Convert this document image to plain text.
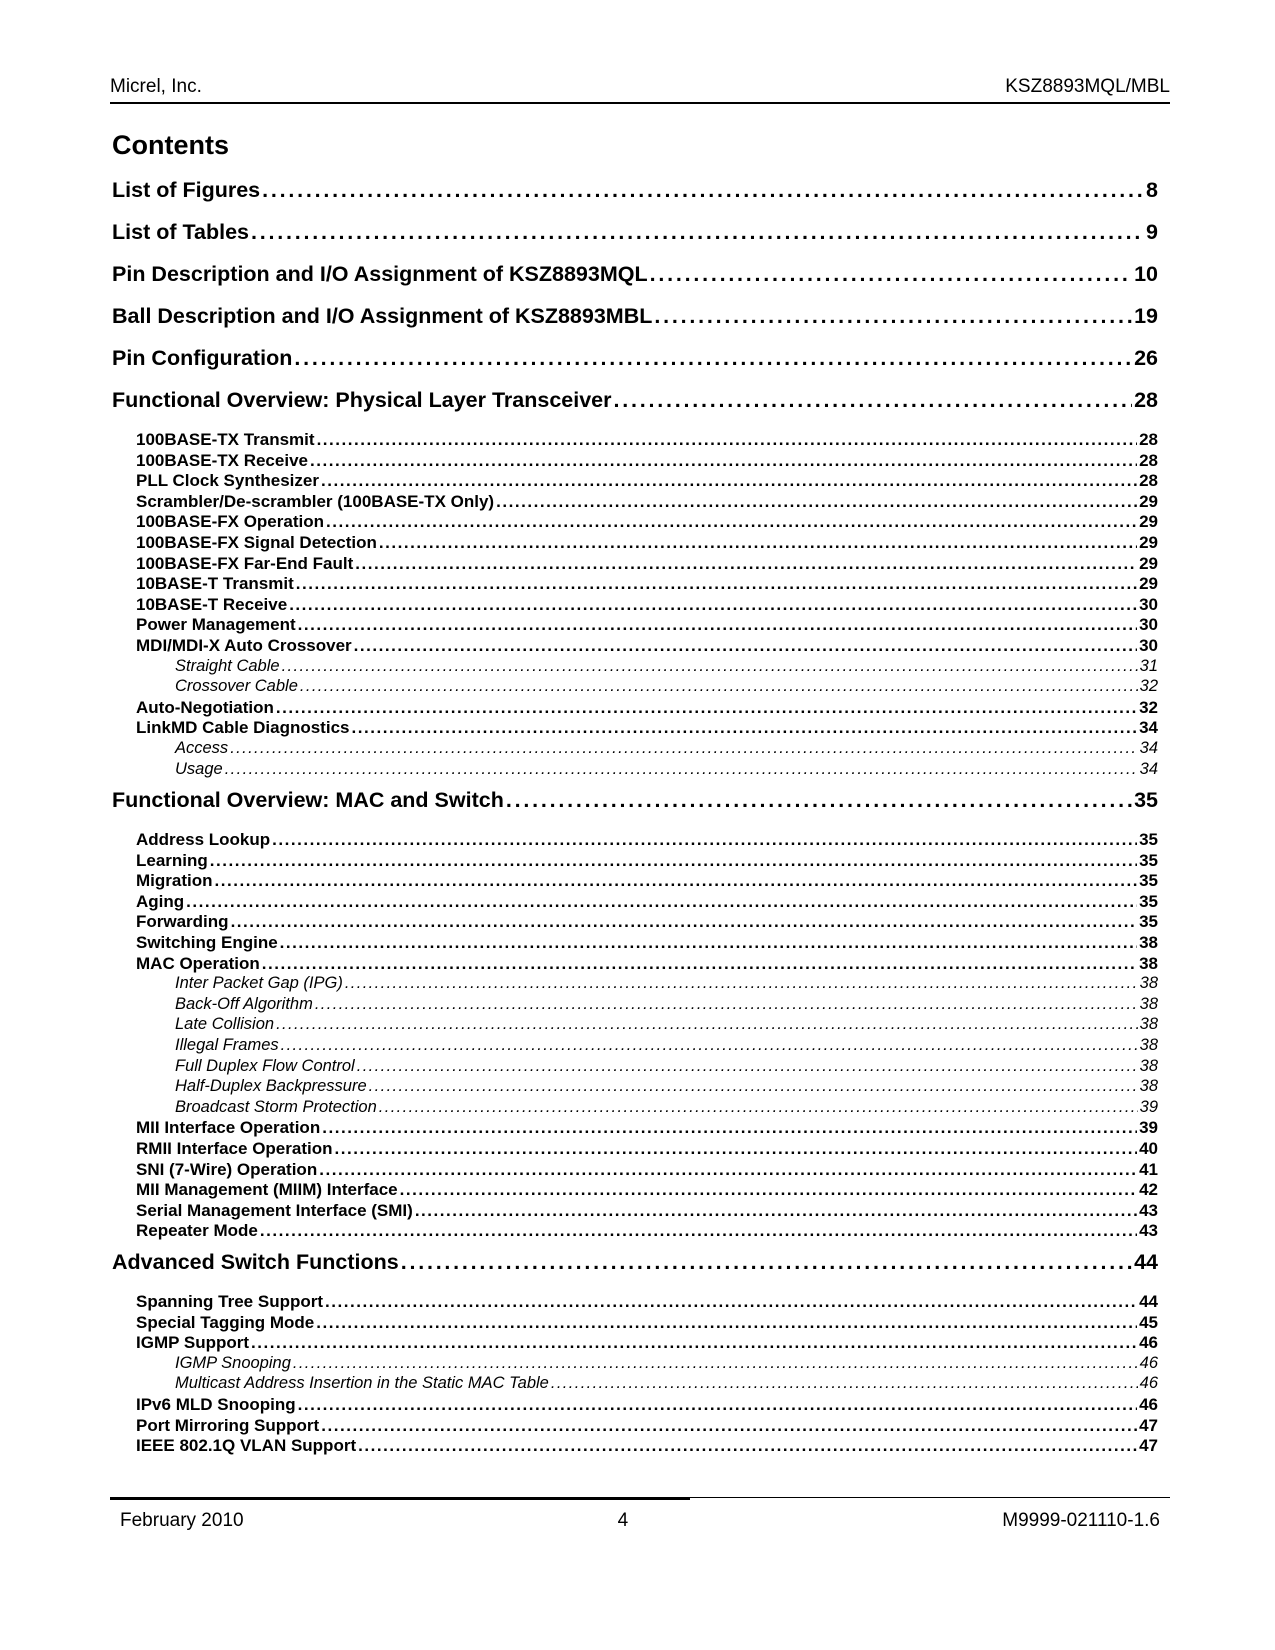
Micrel, Inc.	KSZ8893MQL/MBL
Contents
List of Figures . . .	8
List of Tables . . .	9
Pin Description and I/O Assignment of KSZ8893MQL . . .	10
Ball Description and I/O Assignment of KSZ8893MBL . . .	19
Pin Configuration . . .	26
Functional Overview: Physical Layer Transceiver . . .	28
100BASE-TX Transmit . . .	28
100BASE-TX Receive . . .	28
PLL Clock Synthesizer . . .	28
Scrambler/De-scrambler (100BASE-TX Only) . . .	29
100BASE-FX Operation . . .	29
100BASE-FX Signal Detection . . .	29
100BASE-FX Far-End Fault . . .	29
10BASE-T Transmit . . .	29
10BASE-T Receive . . .	30
Power Management . . .	30
MDI/MDI-X Auto Crossover . . .	30
Straight Cable . . .	31
Crossover Cable . . .	32
Auto-Negotiation . . .	32
LinkMD Cable Diagnostics . . .	34
Access . . .	34
Usage . . .	34
Functional Overview: MAC and Switch . . .	35
Address Lookup . . .	35
Learning . . .	35
Migration . . .	35
Aging . . .	35
Forwarding . . .	35
Switching Engine . . .	38
MAC Operation . . .	38
Inter Packet Gap (IPG) . . .	38
Back-Off Algorithm . . .	38
Late Collision . . .	38
Illegal Frames . . .	38
Full Duplex Flow Control . . .	38
Half-Duplex Backpressure . . .	38
Broadcast Storm Protection . . .	39
MII Interface Operation . . .	39
RMII Interface Operation . . .	40
SNI (7-Wire) Operation . . .	41
MII Management (MIIM) Interface . . .	42
Serial Management Interface (SMI) . . .	43
Repeater Mode . . .	43
Advanced Switch Functions . . .	44
Spanning Tree Support . . .	44
Special Tagging Mode . . .	45
IGMP Support . . .	46
IGMP Snooping . . .	46
Multicast Address Insertion in the Static MAC Table . . .	46
IPv6 MLD Snooping . . .	46
Port Mirroring Support . . .	47
IEEE 802.1Q VLAN Support . . .	47
February 2010	4	M9999-021110-1.6
